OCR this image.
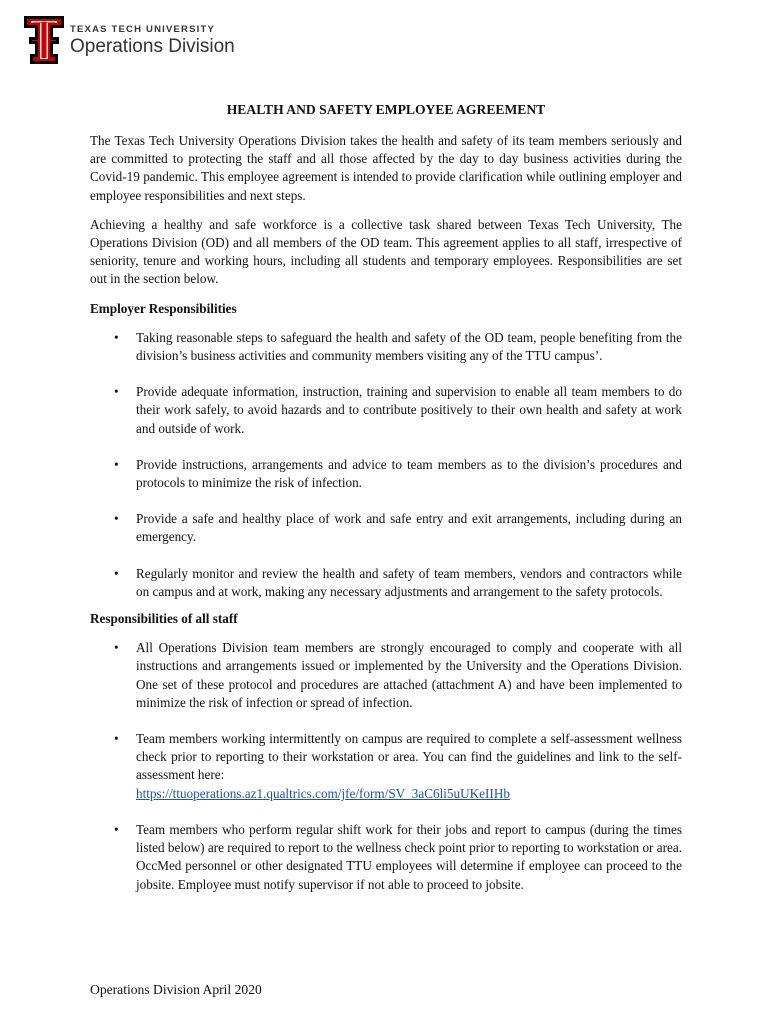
TEXAS TECH UNIVERSITY
Operations Division
HEALTH AND SAFETY EMPLOYEE AGREEMENT

The Texas Tech University Operations Division takes the health and safety of its team members seriously and are committed to protecting the staff and all those affected by the day to day business activities during the Covid-19 pandemic. This employee agreement is intended to provide clarification while outlining employer and employee responsibilities and next steps.

Achieving a healthy and safe workforce is a collective task shared between Texas Tech University, The Operations Division (OD) and all members of the OD team. This agreement applies to all staff, irrespective of seniority, tenure and working hours, including all students and temporary employees. Responsibilities are set out in the section below.

Employer Responsibilities
• Taking reasonable steps to safeguard the health and safety of the OD team, people benefiting from the division’s business activities and community members visiting any of the TTU campus’.
• Provide adequate information, instruction, training and supervision to enable all team members to do their work safely, to avoid hazards and to contribute positively to their own health and safety at work and outside of work.
• Provide instructions, arrangements and advice to team members as to the division’s procedures and protocols to minimize the risk of infection.
• Provide a safe and healthy place of work and safe entry and exit arrangements, including during an emergency.
• Regularly monitor and review the health and safety of team members, vendors and contractors while on campus and at work, making any necessary adjustments and arrangement to the safety protocols.
Responsibilities of all staff
• All Operations Division team members are strongly encouraged to comply and cooperate with all instructions and arrangements issued or implemented by the University and the Operations Division. One set of these protocol and procedures are attached (attachment A) and have been implemented to minimize the risk of infection or spread of infection.
• Team members working intermittently on campus are required to complete a self-assessment wellness check prior to reporting to their workstation or area. You can find the guidelines and link to the self-assessment here:
https://ttuoperations.az1.qualtrics.com/jfe/form/SV_3aC6li5uUKeIIHb
• Team members who perform regular shift work for their jobs and report to campus (during the times listed below) are required to report to the wellness check point prior to reporting to workstation or area. OccMed personnel or other designated TTU employees will determine if employee can proceed to the jobsite. Employee must notify supervisor if not able to proceed to jobsite.
Operations Division April 2020
